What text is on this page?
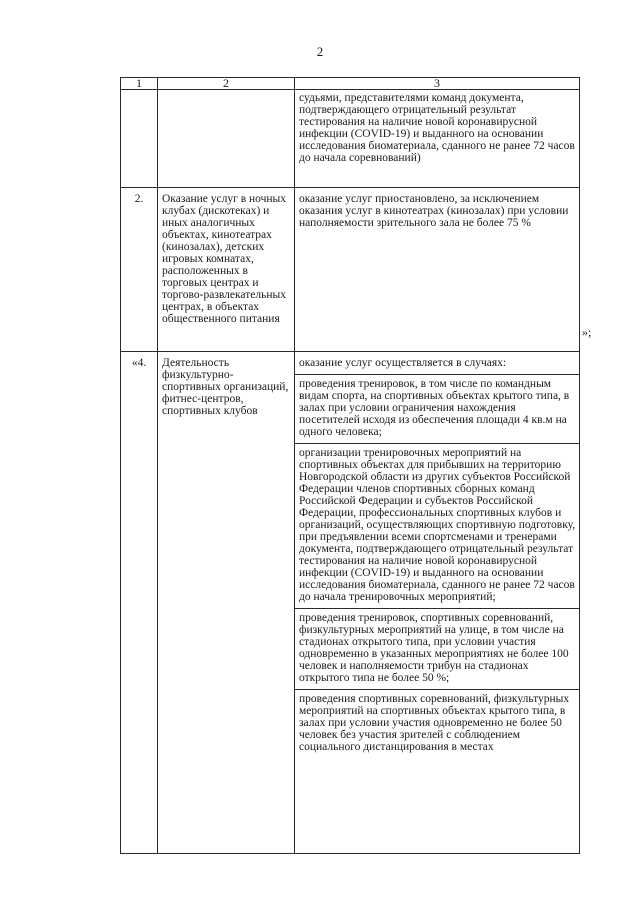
2
1	2	3

		судьями, представителями команд документа, подтверждающего отрицательный результат тестирования на наличие новой коронавирусной инфекции (COVID-19) и выданного на основании исследования биоматериала, сданного не ранее 72 часов до начала соревнований)

2.	Оказание услуг в ночных клубах (дискотеках) и иных аналогичных объектах, кинотеатрах (кинозалах), детских игровых комнатах, расположенных в торговых центрах и торгово-развлекательных центрах, в объектах общественного питания	оказание услуг приостановлено, за исключением оказания услуг в кинотеатрах (кинозалах) при условии наполняемости зрительного зала не более 75 %

«4.	Деятельность физкультурно-спортивных организаций, фитнес-центров, спортивных клубов	оказание услуг осуществляется в случаях:

проведения тренировок, в том числе по командным видам спорта, на спортивных объектах крытого типа, в залах при условии ограничения нахождения посетителей исходя из обеспечения площади 4 кв.м на одного человека;

организации тренировочных мероприятий на спортивных объектах для прибывших на территорию Новгородской области из других субъектов Российской Федерации членов спортивных сборных команд Российской Федерации и субъектов Российской Федерации, профессиональных спортивных клубов и организаций, осуществляющих спортивную подготовку, при предъявлении всеми спортсменами и тренерами документа, подтверждающего отрицательный результат тестирования на наличие новой коронавирусной инфекции (COVID-19) и выданного на основании исследования биоматериала, сданного не ранее 72 часов до начала тренировочных мероприятий;

проведения тренировок, спортивных соревнований, физкультурных мероприятий на улице, в том числе на стадионах открытого типа, при условии участия одновременно в указанных мероприятиях не более 100 человек и наполняемости трибун на стадионах открытого типа не более 50 %;

проведения спортивных соревнований, физкультурных мероприятий на спортивных объектах крытого типа, в залах при условии участия одновременно не более 50 человек без участия зрителей с соблюдением социального дистанцирования в местах

»;
